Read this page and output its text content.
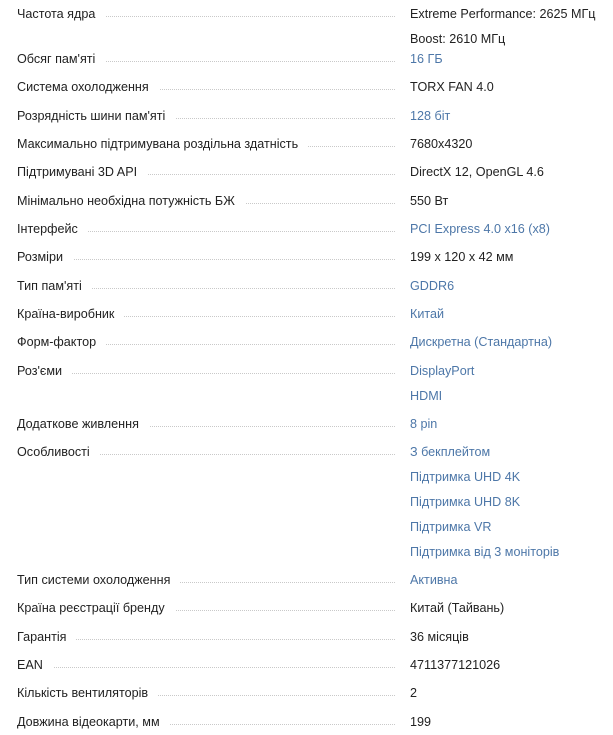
Частота ядра	Extreme Performance: 2625 МГц
Boost: 2610 МГц
Обсяг пам'яті	16 ГБ
Система охолодження	TORX FAN 4.0
Розрядність шини пам'яті	128 біт
Максимально підтримувана роздільна здатність	7680x4320
Підтримувані 3D API	DirectX 12, OpenGL 4.6
Мінімально необхідна потужність БЖ	550 Вт
Інтерфейс	PCI Express 4.0 x16 (x8)
Розміри	199 x 120 x 42 мм
Тип пам'яті	GDDR6
Країна-виробник	Китай
Форм-фактор	Дискретна (Стандартна)
Роз'єми	DisplayPort
HDMI
Додаткове живлення	8 pin
Особливості	З бекплейтом
Підтримка UHD 4K
Підтримка UHD 8K
Підтримка VR
Підтримка від 3 моніторів
Тип системи охолодження	Активна
Країна реєстрації бренду	Китай (Тайвань)
Гарантія	36 місяців
EAN	4711377121026
Кількість вентиляторів	2
Довжина відеокарти, мм	199
